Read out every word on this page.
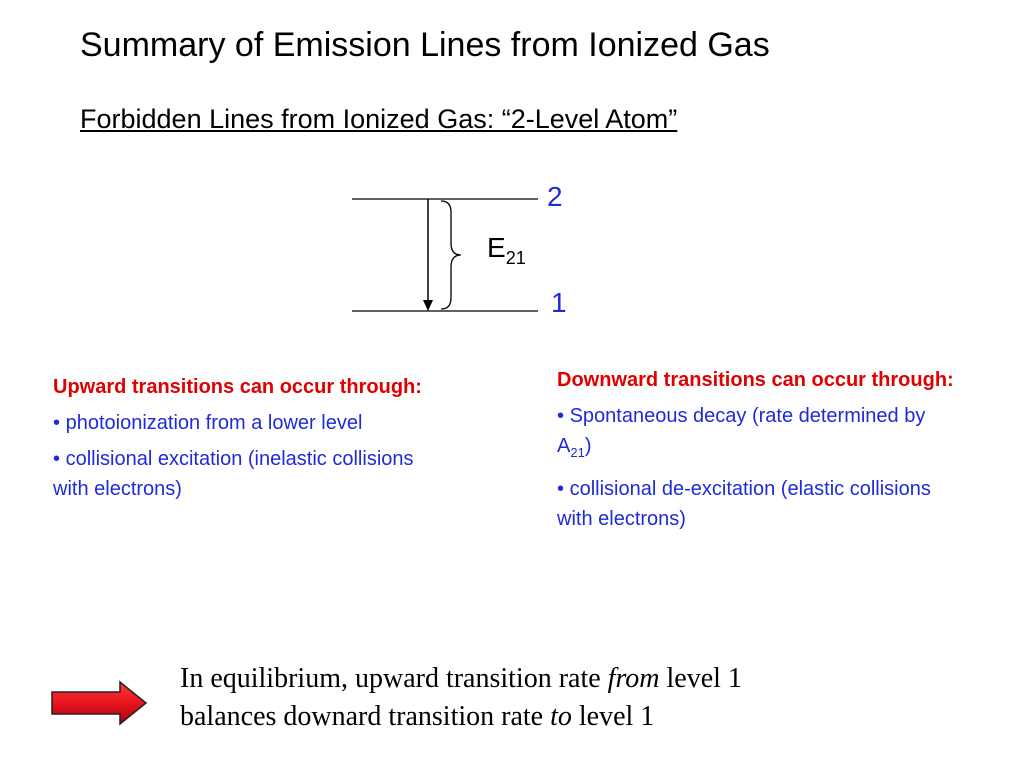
Summary of Emission Lines from Ionized Gas
Forbidden Lines from Ionized Gas: “2-Level Atom”
2
1
$E_{21}$
Upward transitions can occur through:
• photoionization from a lower level
• collisional excitation (inelastic collisions with electrons)
Downward transitions can occur through:
• Spontaneous decay (rate determined by $A_{21}$)
• collisional de-excitation (elastic collisions with electrons)
In equilibrium, upward transition rate from level 1
balances downard transition rate to level 1
